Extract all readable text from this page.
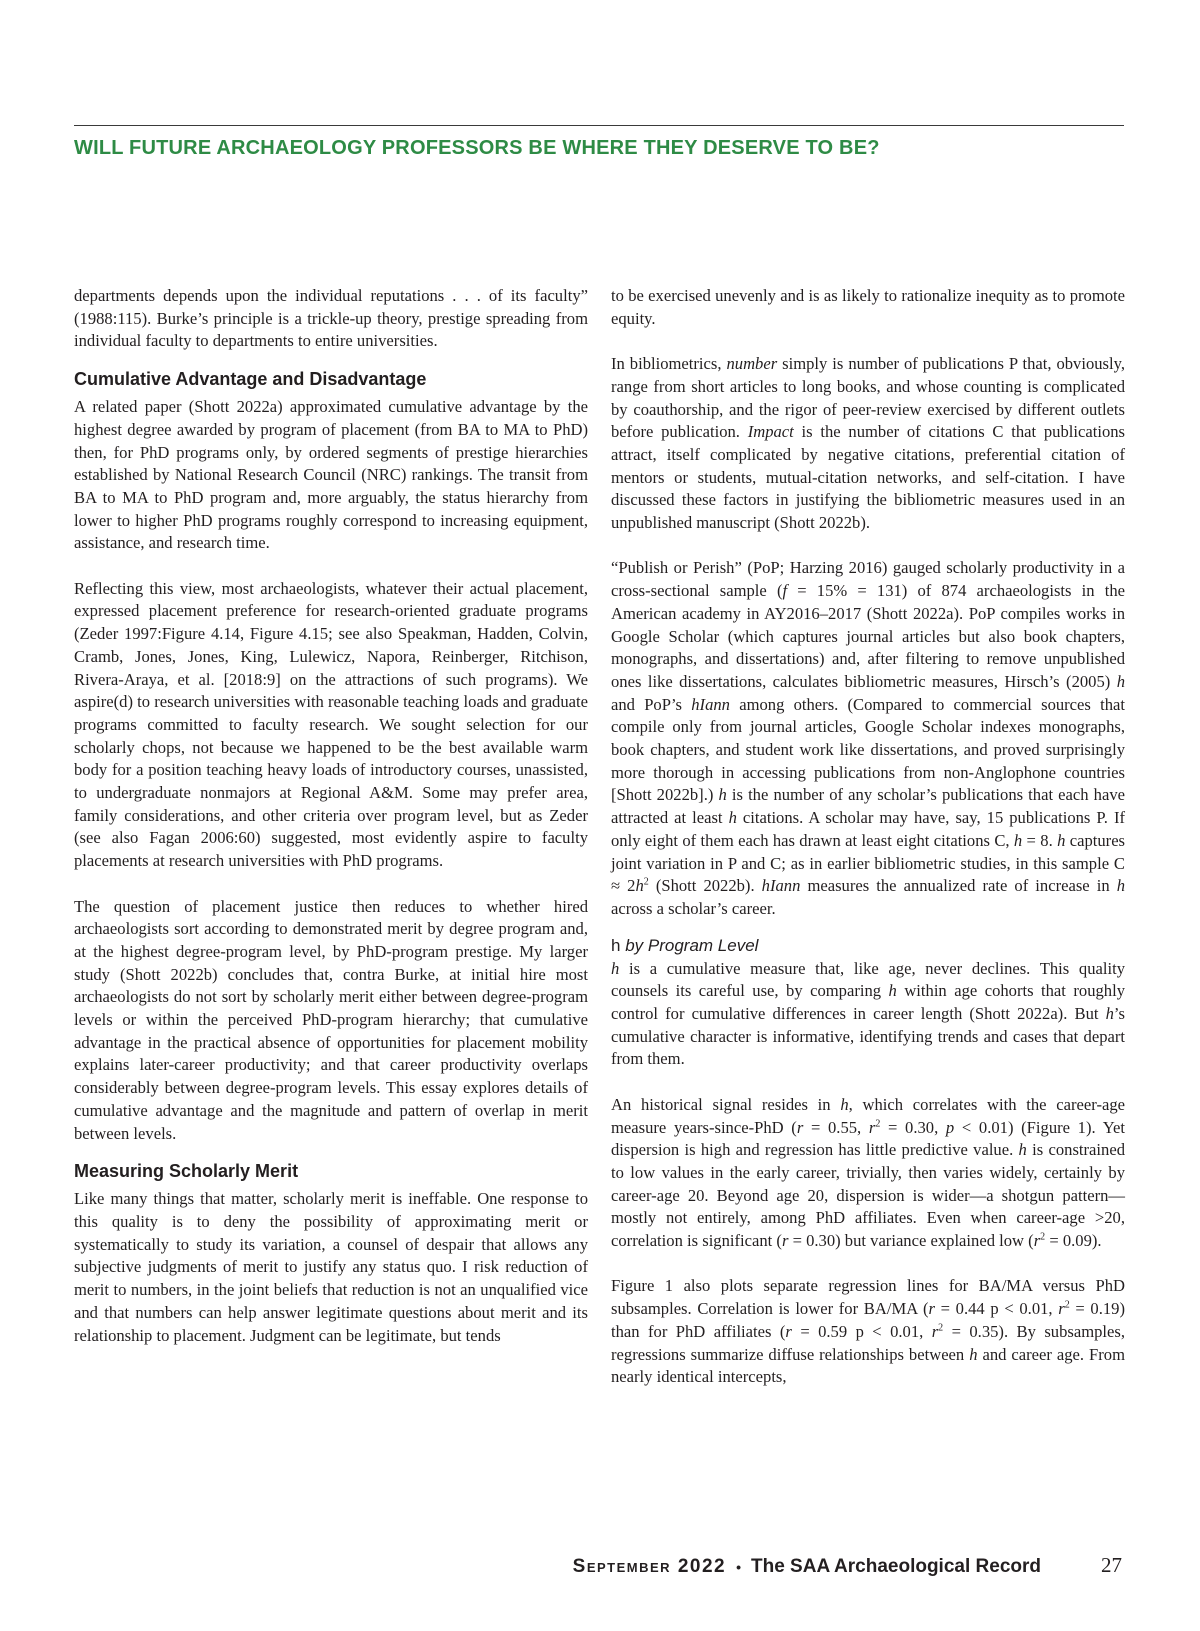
WILL FUTURE ARCHAEOLOGY PROFESSORS BE WHERE THEY DESERVE TO BE?

departments depends upon the individual reputations . . . of its faculty” (1988:115). Burke’s principle is a trickle-up theory, prestige spreading from individual faculty to departments to entire universities.

Cumulative Advantage and Disadvantage

A related paper (Shott 2022a) approximated cumulative advantage by the highest degree awarded by program of placement (from BA to MA to PhD) then, for PhD programs only, by ordered segments of prestige hierarchies established by National Research Council (NRC) rankings. The transit from BA to MA to PhD program and, more arguably, the status hierarchy from lower to higher PhD programs roughly correspond to increasing equipment, assistance, and research time.

Reflecting this view, most archaeologists, whatever their actual placement, expressed placement preference for research-oriented graduate programs (Zeder 1997:Figure 4.14, Figure 4.15; see also Speakman, Hadden, Colvin, Cramb, Jones, Jones, King, Lulewicz, Napora, Reinberger, Ritchison, Rivera-Araya, et al. [2018:9] on the attractions of such programs). We aspire(d) to research universities with reasonable teaching loads and graduate programs committed to faculty research. We sought selection for our scholarly chops, not because we happened to be the best available warm body for a position teaching heavy loads of introductory courses, unassisted, to undergraduate nonmajors at Regional A&M. Some may prefer area, family considerations, and other criteria over program level, but as Zeder (see also Fagan 2006:60) suggested, most evidently aspire to faculty placements at research universities with PhD programs.

The question of placement justice then reduces to whether hired archaeologists sort according to demonstrated merit by degree program and, at the highest degree-program level, by PhD-program prestige. My larger study (Shott 2022b) concludes that, contra Burke, at initial hire most archaeologists do not sort by scholarly merit either between degree-program levels or within the perceived PhD-program hierarchy; that cumulative advantage in the practical absence of opportunities for placement mobility explains later-career productivity; and that career productivity overlaps considerably between degree-program levels. This essay explores details of cumulative advantage and the magnitude and pattern of overlap in merit between levels.

Measuring Scholarly Merit

Like many things that matter, scholarly merit is ineffable. One response to this quality is to deny the possibility of approximating merit or systematically to study its variation, a counsel of despair that allows any subjective judgments of merit to justify any status quo. I risk reduction of merit to numbers, in the joint beliefs that reduction is not an unqualified vice and that numbers can help answer legitimate questions about merit and its relationship to placement. Judgment can be legitimate, but tends

to be exercised unevenly and is as likely to rationalize inequity as to promote equity.

In bibliometrics, number simply is number of publications P that, obviously, range from short articles to long books, and whose counting is complicated by coauthorship, and the rigor of peer-review exercised by different outlets before publication. Impact is the number of citations C that publications attract, itself complicated by negative citations, preferential citation of mentors or students, mutual-citation networks, and self-citation. I have discussed these factors in justifying the bibliometric measures used in an unpublished manuscript (Shott 2022b).

“Publish or Perish” (PoP; Harzing 2016) gauged scholarly productivity in a cross-sectional sample (f = 15% = 131) of 874 archaeologists in the American academy in AY2016–2017 (Shott 2022a). PoP compiles works in Google Scholar (which captures journal articles but also book chapters, monographs, and dissertations) and, after filtering to remove unpublished ones like dissertations, calculates bibliometric measures, Hirsch’s (2005) h and PoP’s hIann among others. (Compared to commercial sources that compile only from journal articles, Google Scholar indexes monographs, book chapters, and student work like dissertations, and proved surprisingly more thorough in accessing publications from non-Anglophone countries [Shott 2022b].) h is the number of any scholar’s publications that each have attracted at least h citations. A scholar may have, say, 15 publications P. If only eight of them each has drawn at least eight citations C, h = 8. h captures joint variation in P and C; as in earlier bibliometric studies, in this sample $C \approx 2h^2$ (Shott 2022b). hIann measures the annualized rate of increase in h across a scholar’s career.

h by Program Level

h is a cumulative measure that, like age, never declines. This quality counsels its careful use, by comparing h within age cohorts that roughly control for cumulative differences in career length (Shott 2022a). But h’s cumulative character is informative, identifying trends and cases that depart from them.

An historical signal resides in h, which correlates with the career-age measure years-since-PhD (r = 0.55, $r^2 = 0.30$, p < 0.01) (Figure 1). Yet dispersion is high and regression has little predictive value. h is constrained to low values in the early career, trivially, then varies widely, certainly by career-age 20. Beyond age 20, dispersion is wider—a shotgun pattern—mostly not entirely, among PhD affiliates. Even when career-age >20, correlation is significant (r = 0.30) but variance explained low $(r^2 = 0.09)$.

Figure 1 also plots separate regression lines for BA/MA versus PhD subsamples. Correlation is lower for BA/MA (r = 0.44 p < 0.01, $r^2 = 0.19$) than for PhD affiliates (r = 0.59 p < 0.01, $r^2 = 0.35$). By subsamples, regressions summarize diffuse relationships between h and career age. From nearly identical intercepts,

September 2022 • The SAA Archaeological Record	27
